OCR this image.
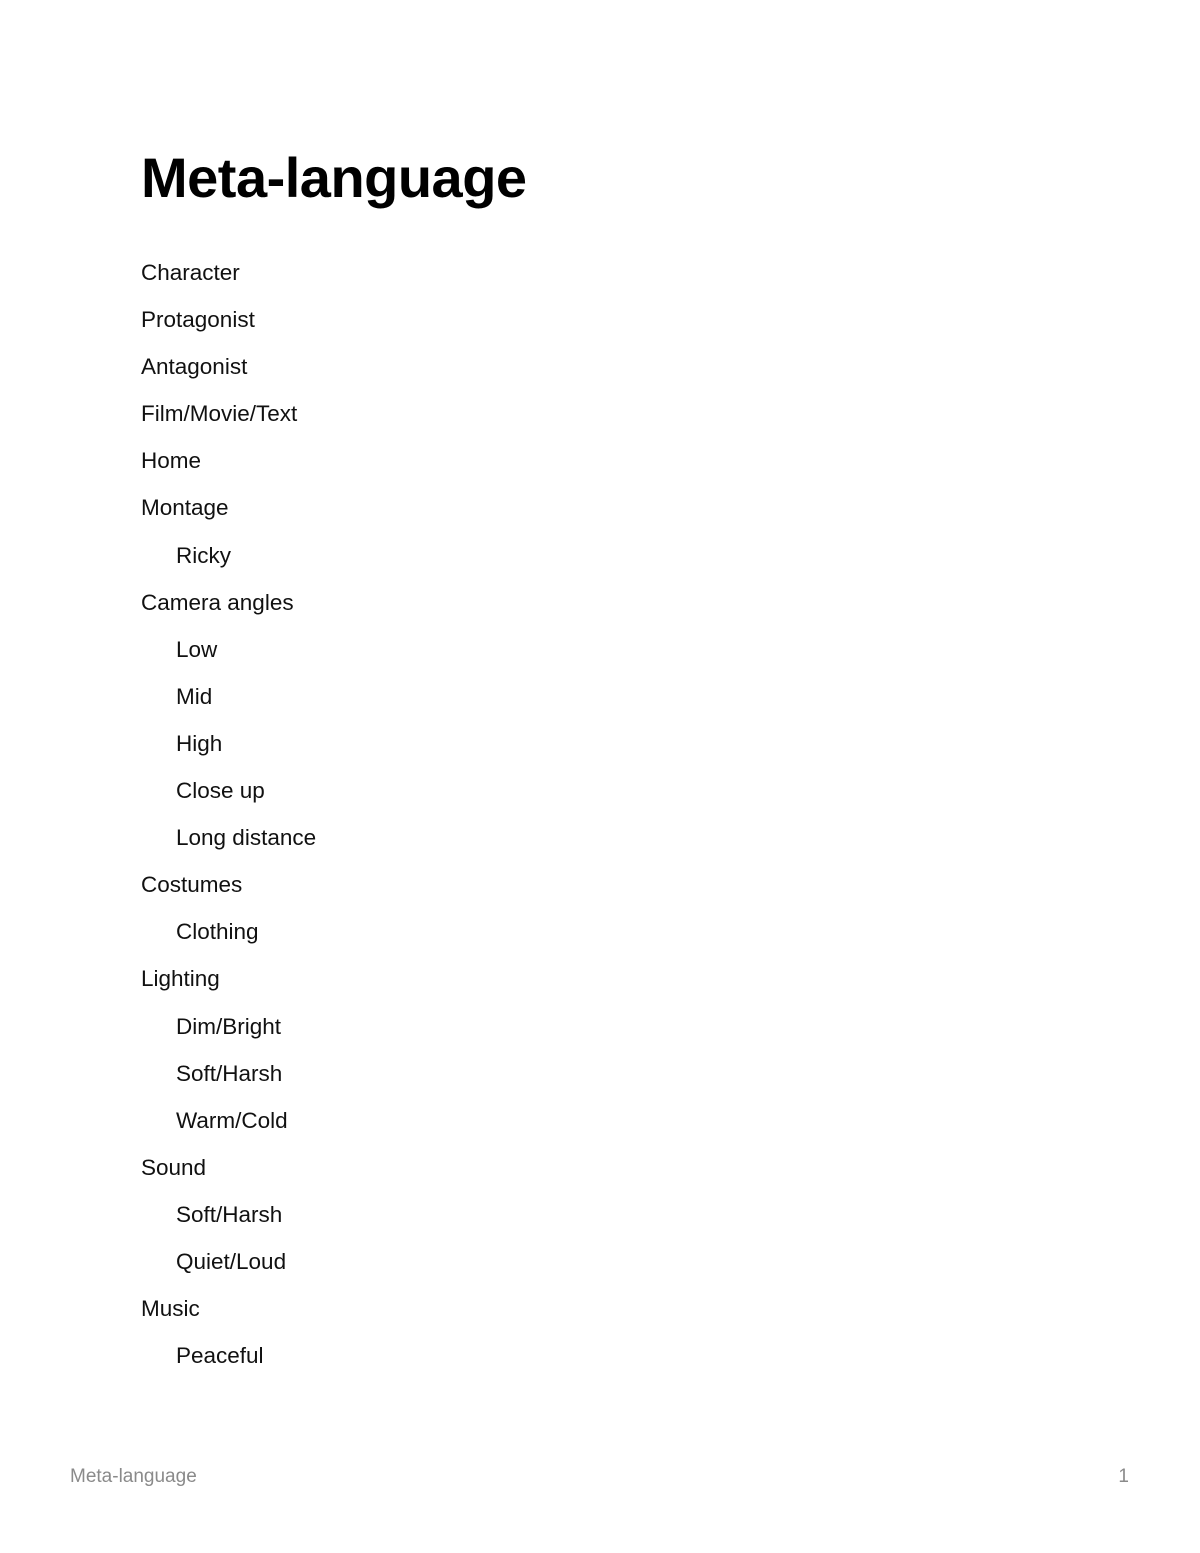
Meta-language
Character
Protagonist
Antagonist
Film/Movie/Text
Home
Montage
Ricky
Camera angles
Low
Mid
High
Close up
Long distance
Costumes
Clothing
Lighting
Dim/Bright
Soft/Harsh
Warm/Cold
Sound
Soft/Harsh
Quiet/Loud
Music
Peaceful
Meta-language	1
